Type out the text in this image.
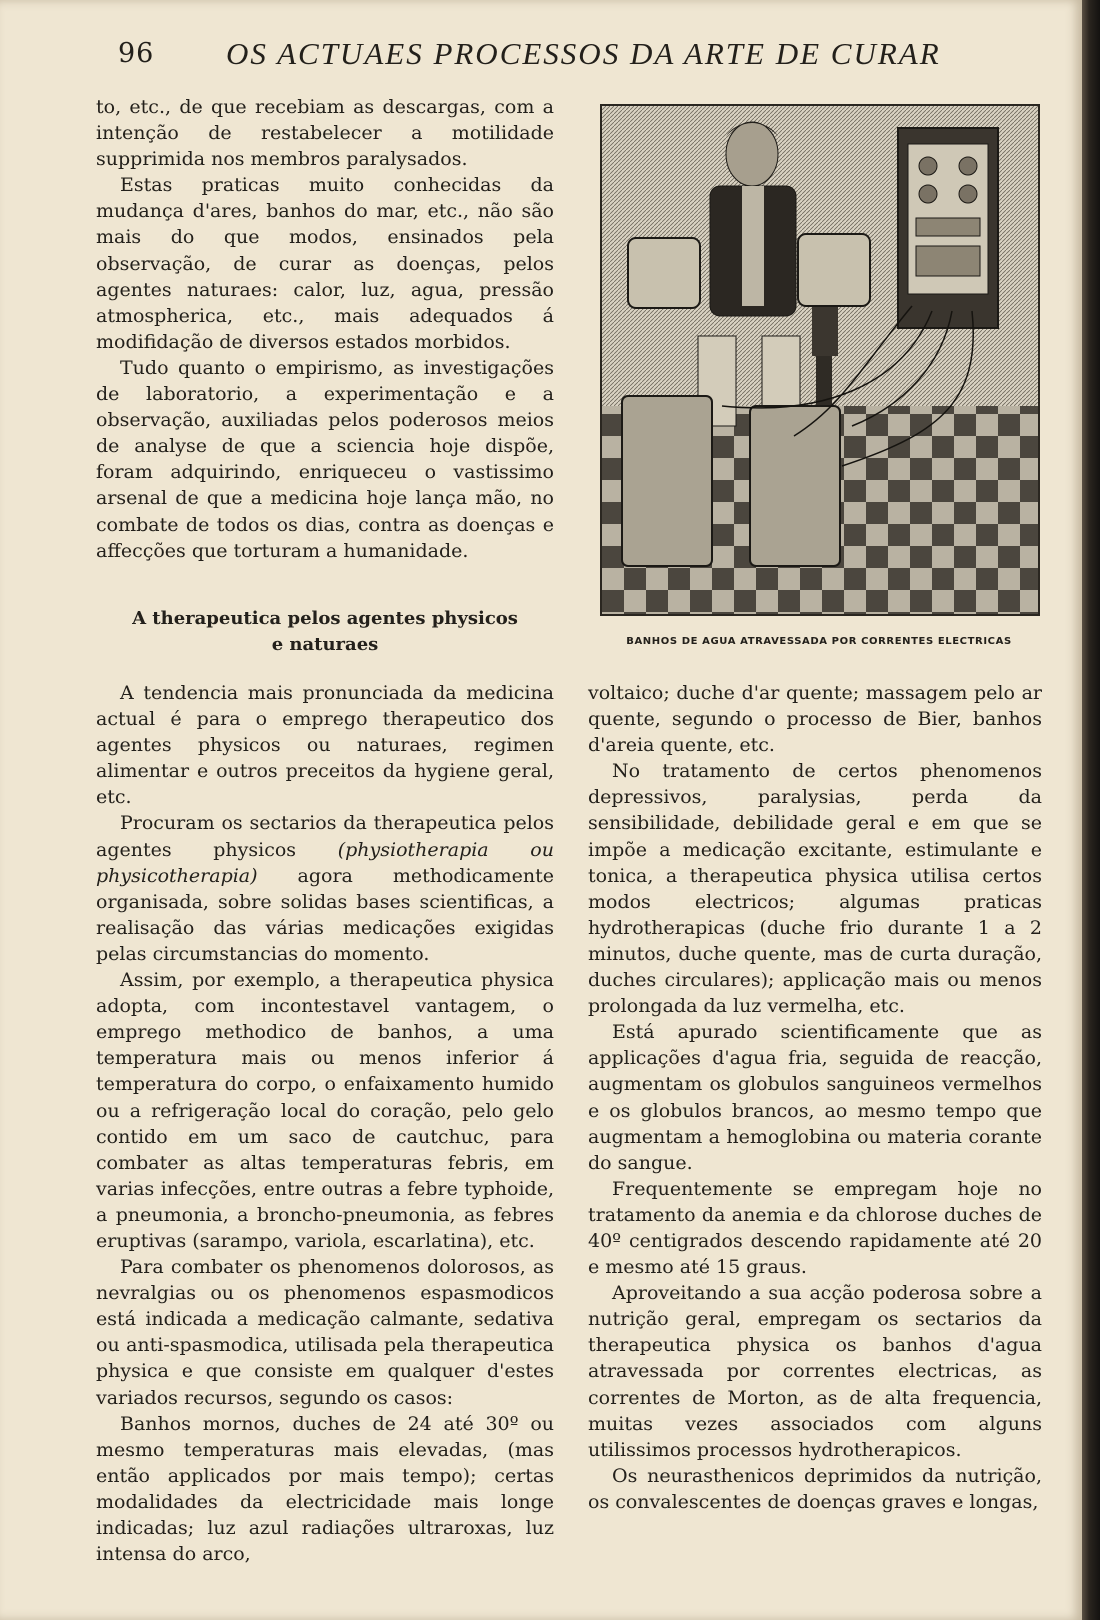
96 OS ACTUAES PROCESSOS DA ARTE DE CURAR

to, etc., de que recebiam as descargas, com a intenção de restabelecer a motilidade supprimida nos membros paralysados.

Estas praticas muito conhecidas da mudança d'ares, banhos do mar, etc., não são mais do que modos, ensinados pela observação, de curar as doenças, pelos agentes naturaes: calor, luz, agua, pressão atmospherica, etc., mais adequados á modifidação de diversos estados morbidos.

Tudo quanto o empirismo, as investigações de laboratorio, a experimentação e a observação, auxiliadas pelos poderosos meios de analyse de que a sciencia hoje dispõe, foram adquirindo, enriqueceu o vastissimo arsenal de que a medicina hoje lança mão, no combate de todos os dias, contra as doenças e affecções que torturam a humanidade.

A therapeutica pelos agentes physicos
e naturaes	BANHOS DE AGUA ATRAVESSADA POR CORRENTES ELECTRICAS

A tendencia mais pronunciada da medicina actual é para o emprego therapeutico dos agentes physicos ou naturaes, regimen alimentar e outros preceitos da hygiene geral, etc.

Procuram os sectarios da therapeutica pelos agentes physicos (physiotherapia ou physicotherapia) agora methodicamente organisada, sobre solidas bases scientificas, a realisação das várias medicações exigidas pelas circumstancias do momento.

Assim, por exemplo, a therapeutica physica adopta, com incontestavel vantagem, o emprego methodico de banhos, a uma temperatura mais ou menos inferior á temperatura do corpo, o enfaixamento humido ou a refrigeração local do coração, pelo gelo contido em um saco de cautchuc, para combater as altas temperaturas febris, em varias infecções, entre outras a febre typhoide, a pneumonia, a broncho-pneumonia, as febres eruptivas (sarampo, variola, escarlatina), etc.

Para combater os phenomenos dolorosos, as nevralgias ou os phenomenos espasmodicos está indicada a medicação calmante, sedativa ou anti-spasmodica, utilisada pela therapeutica physica e que consiste em qualquer d'estes variados recursos, segundo os casos:

Banhos mornos, duches de 24 até 30º ou mesmo temperaturas mais elevadas, (mas então applicados por mais tempo); certas modalidades da electricidade mais longe indicadas; luz azul radiações ultraroxas, luz intensa do arco,

voltaico; duche d'ar quente; massagem pelo ar quente, segundo o processo de Bier, banhos d'areia quente, etc.

No tratamento de certos phenomenos depressivos, paralysias, perda da sensibilidade, debilidade geral e em que se impõe a medicação excitante, estimulante e tonica, a therapeutica physica utilisa certos modos electricos; algumas praticas hydrotherapicas (duche frio durante 1 a 2 minutos, duche quente, mas de curta duração, duches circulares); applicação mais ou menos prolongada da luz vermelha, etc.

Está apurado scientificamente que as applicações d'agua fria, seguida de reacção, augmentam os globulos sanguineos vermelhos e os globulos brancos, ao mesmo tempo que augmentam a hemoglobina ou materia corante do sangue.

Frequentemente se empregam hoje no tratamento da anemia e da chlorose duches de 40º centigrados descendo rapidamente até 20 e mesmo até 15 graus.

Aproveitando a sua acção poderosa sobre a nutrição geral, empregam os sectarios da therapeutica physica os banhos d'agua atravessada por correntes electricas, as correntes de Morton, as de alta frequencia, muitas vezes associados com alguns utilissimos processos hydrotherapicos.

Os neurasthenicos deprimidos da nutrição, os convalescentes de doenças graves e longas,
